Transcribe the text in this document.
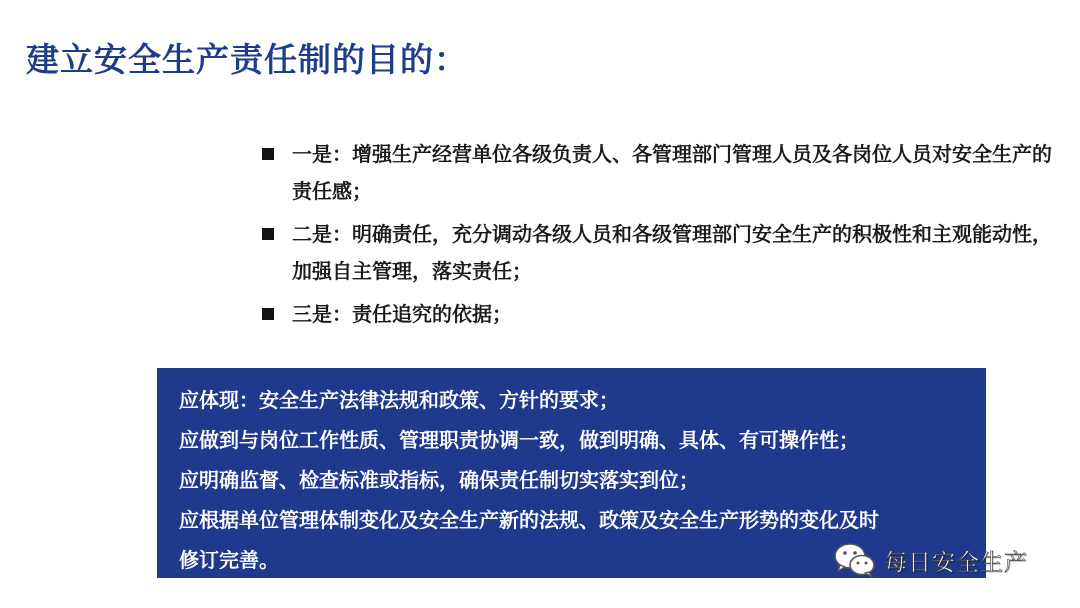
建立安全生产责任制的目的：
一是：增强生产经营单位各级负责人、各管理部门管理人员及各岗位人员对安全生产的责任感；
二是：明确责任，充分调动各级人员和各级管理部门安全生产的积极性和主观能动性，加强自主管理，落实责任；
三是：责任追究的依据；
应体现：安全生产法律法规和政策、方针的要求；
应做到与岗位工作性质、管理职责协调一致，做到明确、具体、有可操作性；
应明确监督、检查标准或指标，确保责任制切实落实到位；
应根据单位管理体制变化及安全生产新的法规、政策及安全生产形势的变化及时
修订完善。	每日安全生产
